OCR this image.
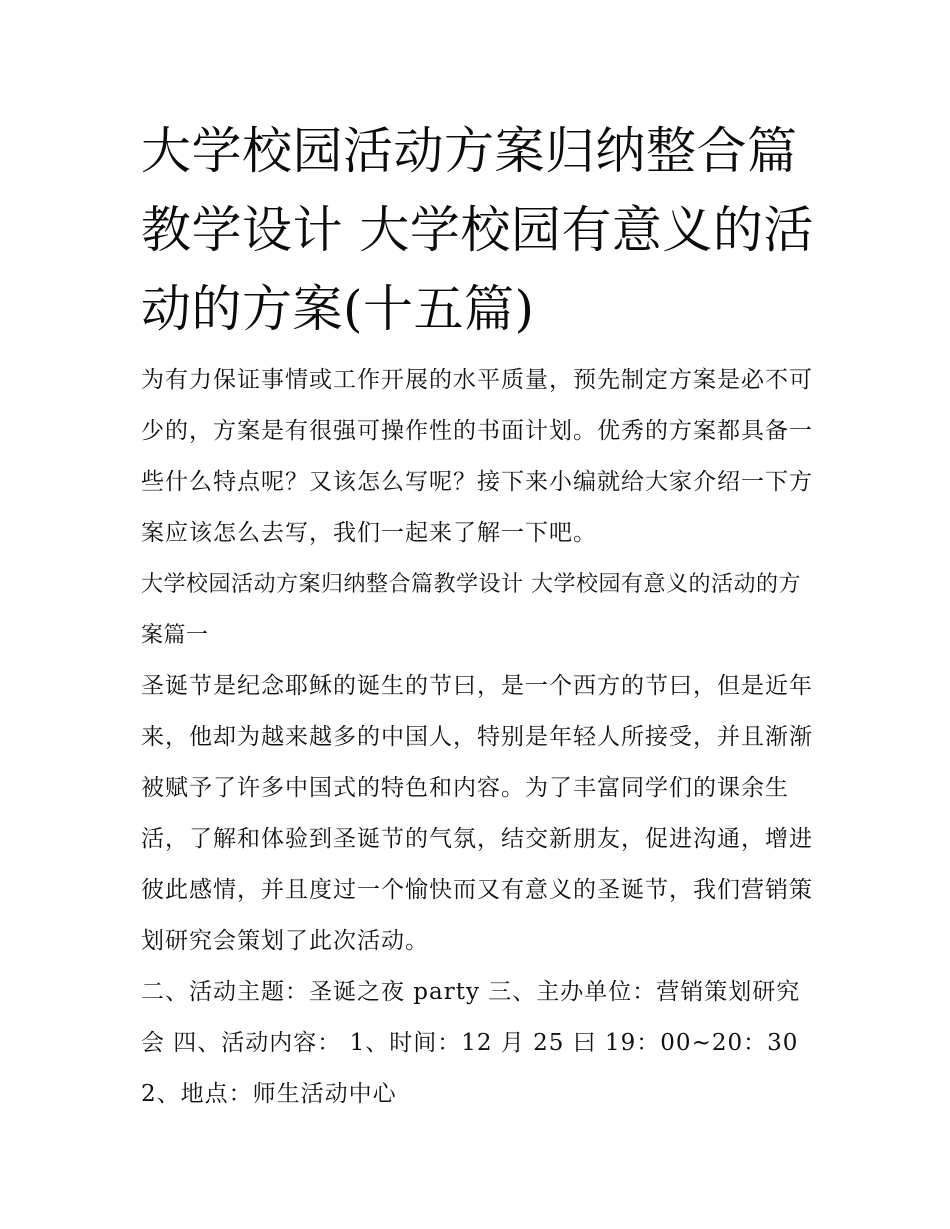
大学校园活动方案归纳整合篇教学设计 大学校园有意义的活动的方案(十五篇)

为有力保证事情或工作开展的水平质量，预先制定方案是必不可少的，方案是有很强可操作性的书面计划。优秀的方案都具备一些什么特点呢？又该怎么写呢？接下来小编就给大家介绍一下方案应该怎么去写，我们一起来了解一下吧。

大学校园活动方案归纳整合篇教学设计 大学校园有意义的活动的方案篇一

圣诞节是纪念耶稣的诞生的节曰，是一个西方的节曰，但是近年来，他却为越来越多的中国人，特别是年轻人所接受，并且渐渐被赋予了许多中国式的特色和内容。为了丰富同学们的课余生活，了解和体验到圣诞节的气氛，结交新朋友，促进沟通，增进彼此感情，并且度过一个愉快而又有意义的圣诞节，我们营销策划研究会策划了此次活动。

二、活动主题：圣诞之夜 party 三、主办单位：营销策划研究会 四、活动内容： 1、时间：12 月 25 曰 19：00~20：30 2、地点：师生活动中心
